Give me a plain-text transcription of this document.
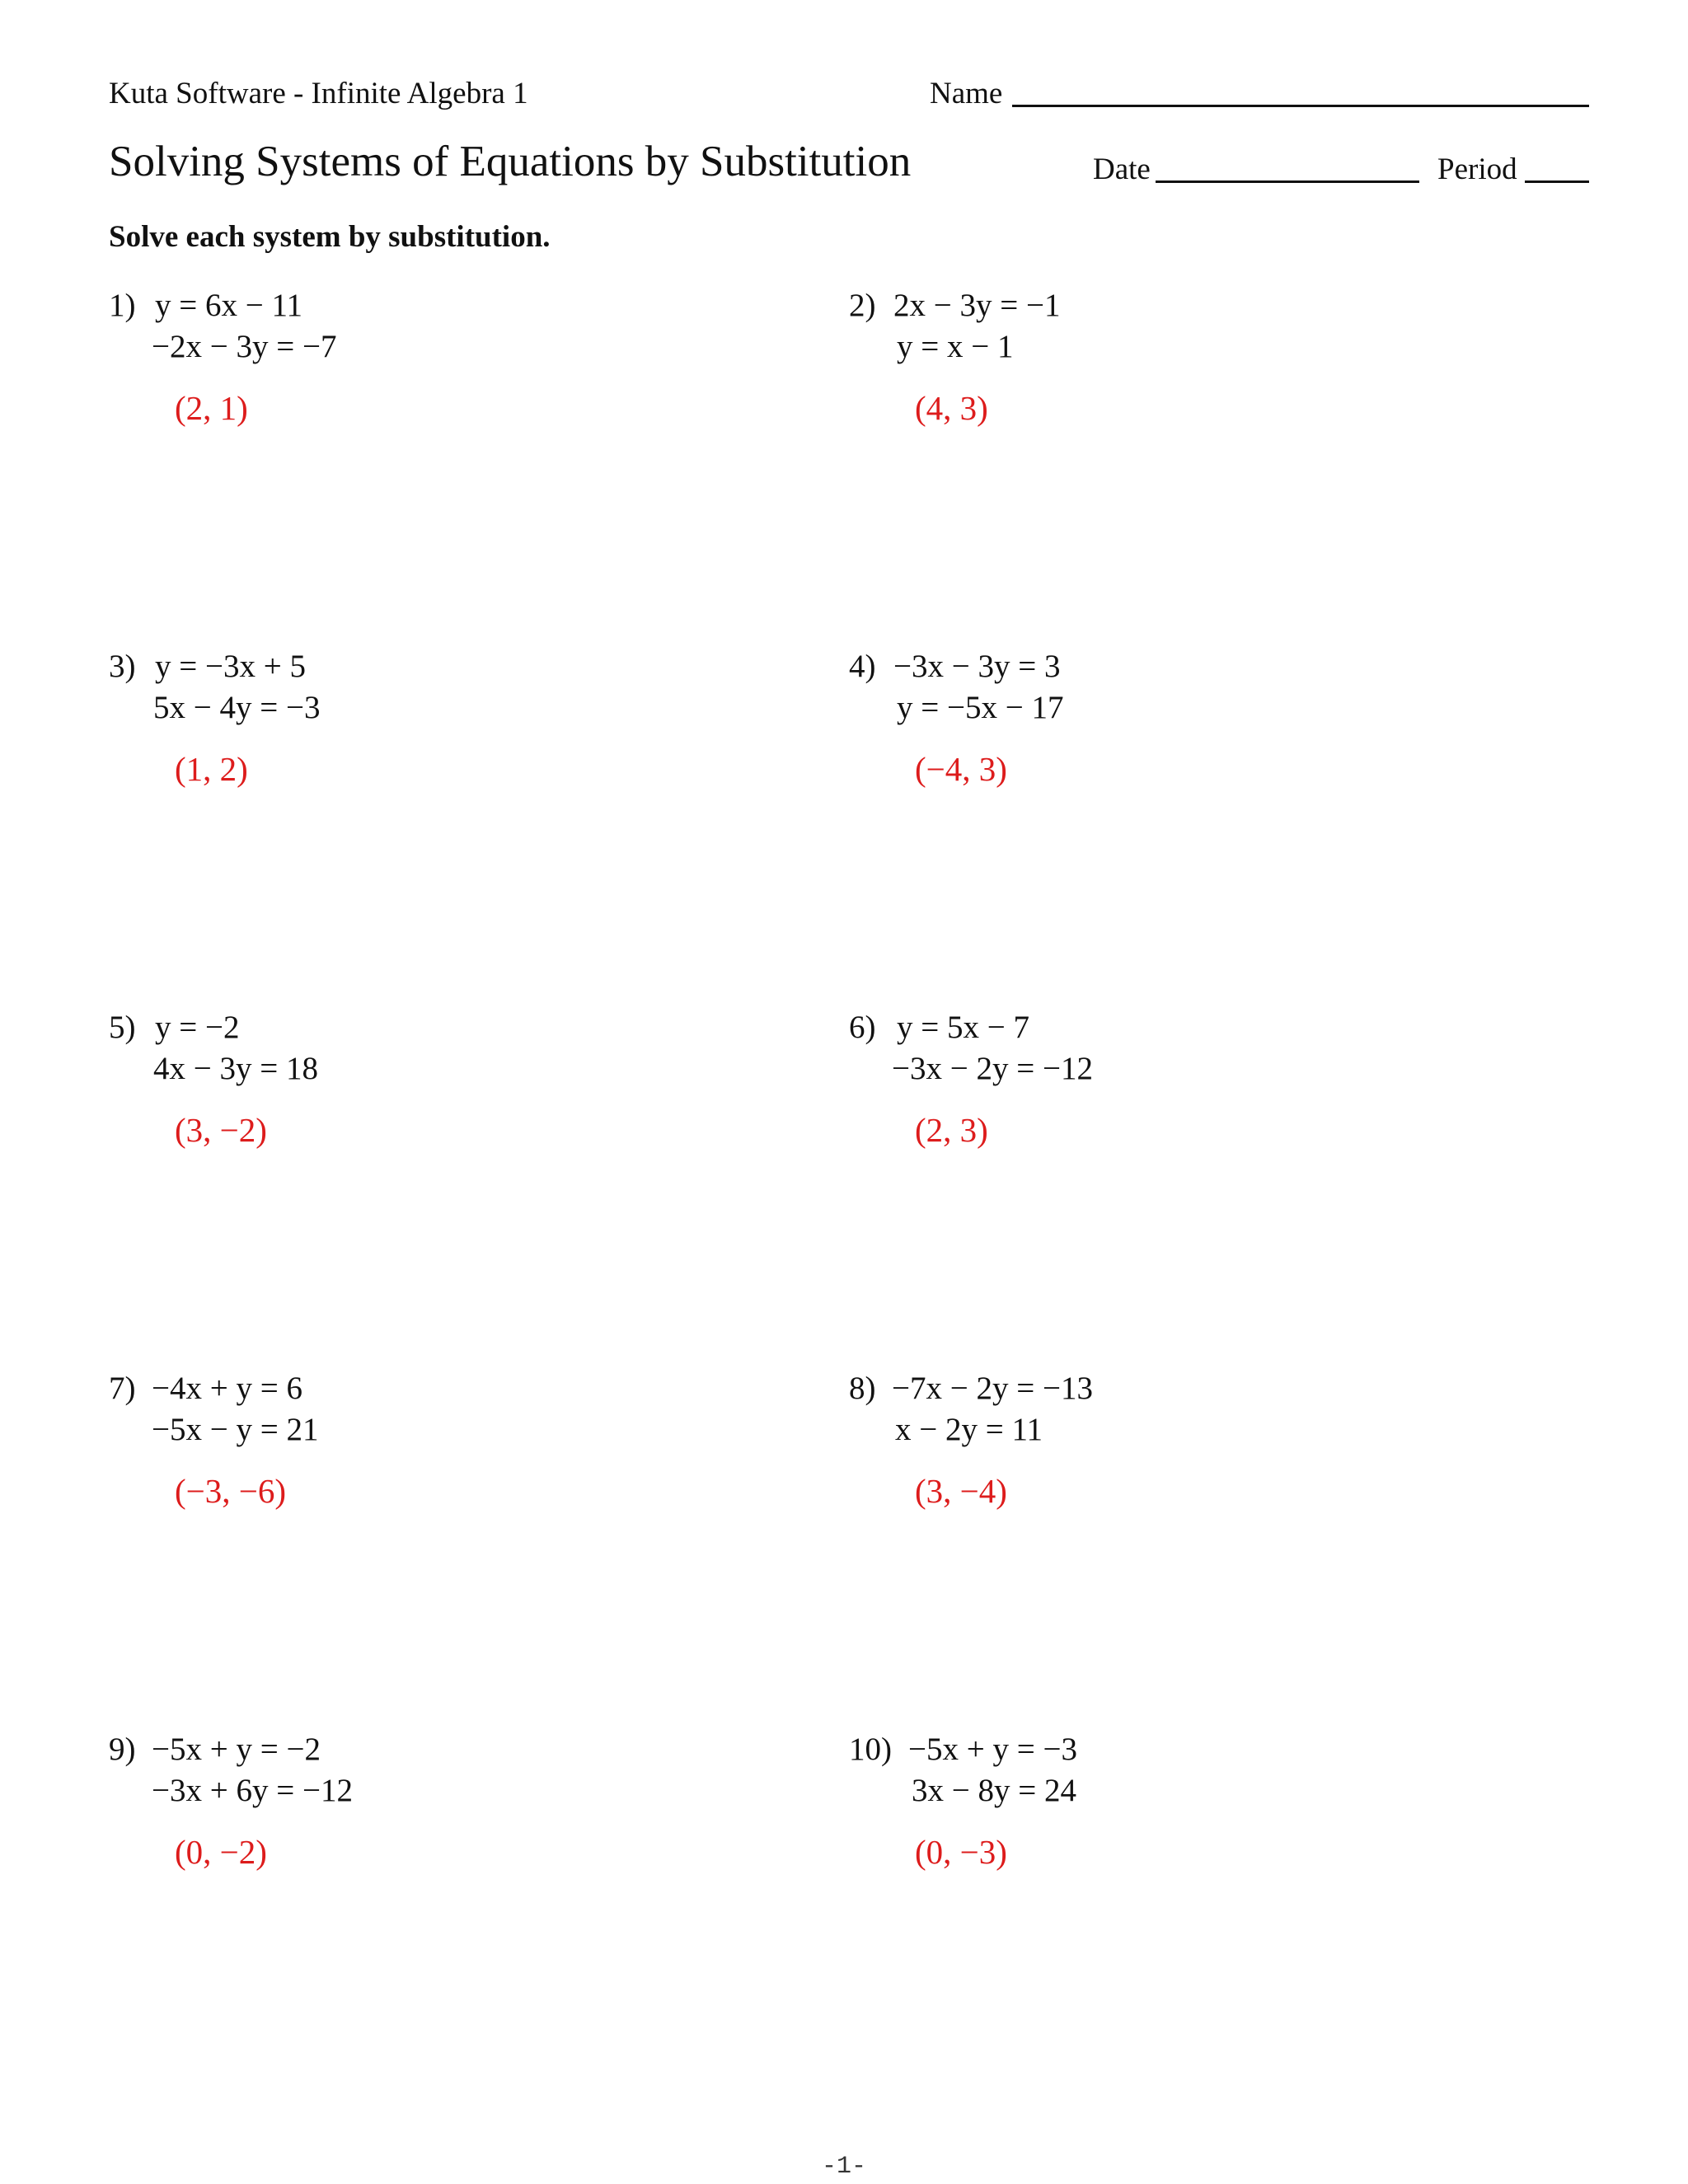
Kuta Software - Infinite Algebra 1	Name
Solving Systems of Equations by Substitution	Date	Period
Solve each system by substitution.
1) y = 6x − 11
−2x − 3y = −7
(2, 1)
2) 2x − 3y = −1
y = x − 1
(4, 3)
3) y = −3x + 5
5x − 4y = −3
(1, 2)
4) −3x − 3y = 3
y = −5x − 17
(−4, 3)
5) y = −2
4x − 3y = 18
(3, −2)
6) y = 5x − 7
−3x − 2y = −12
(2, 3)
7) −4x + y = 6
−5x − y = 21
(−3, −6)
8) −7x − 2y = −13
x − 2y = 11
(3, −4)
9) −5x + y = −2
−3x + 6y = −12
(0, −2)
10) −5x + y = −3
3x − 8y = 24
(0, −3)
-1-
